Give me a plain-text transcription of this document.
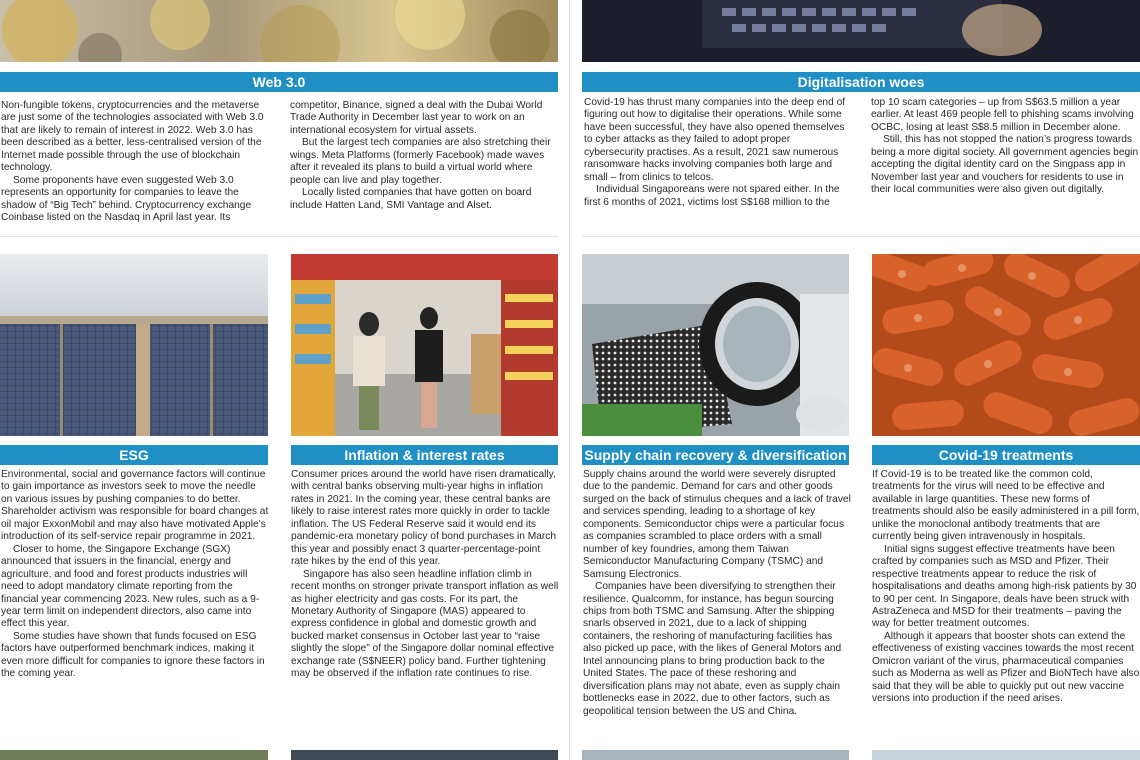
Web 3.0	Digitalisation woes

Non-fungible tokens, cryptocurrencies and the metaverse are just some of the technologies associated with Web 3.0 that are likely to remain of interest in 2022. Web 3.0 has been described as a better, less-centralised version of the Internet made possible through the use of blockchain technology.

Some proponents have even suggested Web 3.0 represents an opportunity for companies to leave the shadow of “Big Tech” behind. Cryptocurrency exchange Coinbase listed on the Nasdaq in April last year. Its

competitor, Binance, signed a deal with the Dubai World Trade Authority in December last year to work on an international ecosystem for virtual assets.

But the largest tech companies are also stretching their wings. Meta Platforms (formerly Facebook) made waves after it revealed its plans to build a virtual world where people can live and play together.

Locally listed companies that have gotten on board include Hatten Land, SMI Vantage and Alset.

Covid-19 has thrust many companies into the deep end of figuring out how to digitalise their operations. While some have been successful, they have also opened themselves to cyber attacks as they failed to adopt proper cybersecurity practises. As a result, 2021 saw numerous ransomware hacks involving companies both large and small – from clinics to telcos.

Individual Singaporeans were not spared either. In the first 6 months of 2021, victims lost S$168 million to the

top 10 scam categories – up from S$63.5 million a year earlier. At least 469 people fell to phishing scams involving OCBC, losing at least S$8.5 million in December alone.

Still, this has not stopped the nation’s progress towards being a more digital society. All government agencies begin accepting the digital identity card on the Singpass app in November last year and vouchers for residents to use in their local communities were also given out digitally.

ESG	Inflation & interest rates	Supply chain recovery & diversification	Covid-19 treatments

Environmental, social and governance factors will continue to gain importance as investors seek to move the needle on various issues by pushing companies to do better. Shareholder activism was responsible for board changes at oil major ExxonMobil and may also have motivated Apple’s introduction of its self-service repair programme in 2021.

Closer to home, the Singapore Exchange (SGX) announced that issuers in the financial, energy and agriculture, and food and forest products industries will need to adopt mandatory climate reporting from the financial year commencing 2023. New rules, such as a 9-year term limit on independent directors, also came into effect this year.

Some studies have shown that funds focused on ESG factors have outperformed benchmark indices, making it even more difficult for companies to ignore these factors in the coming year.

Consumer prices around the world have risen dramatically, with central banks observing multi-year highs in inflation rates in 2021. In the coming year, these central banks are likely to raise interest rates more quickly in order to tackle inflation. The US Federal Reserve said it would end its pandemic-era monetary policy of bond purchases in March this year and possibly enact 3 quarter-percentage-point rate hikes by the end of this year.

Singapore has also seen headline inflation climb in recent months on stronger private transport inflation as well as higher electricity and gas costs. For its part, the Monetary Authority of Singapore (MAS) appeared to express confidence in global and domestic growth and bucked market consensus in October last year to “raise slightly the slope” of the Singapore dollar nominal effective exchange rate (S$NEER) policy band. Further tightening may be observed if the inflation rate continues to rise.

Supply chains around the world were severely disrupted due to the pandemic. Demand for cars and other goods surged on the back of stimulus cheques and a lack of travel and services spending, leading to a shortage of key components. Semiconductor chips were a particular focus as companies scrambled to place orders with a small number of key foundries, among them Taiwan Semiconductor Manufacturing Company (TSMC) and Samsung Electronics.

Companies have been diversifying to strengthen their resilience. Qualcomm, for instance, has begun sourcing chips from both TSMC and Samsung. After the shipping snarls observed in 2021, due to a lack of shipping containers, the reshoring of manufacturing facilities has also picked up pace, with the likes of General Motors and Intel announcing plans to bring production back to the United States. The pace of these reshoring and diversification plans may not abate, even as supply chain bottlenecks ease in 2022, due to other factors, such as geopolitical tension between the US and China.

If Covid-19 is to be treated like the common cold, treatments for the virus will need to be effective and available in large quantities. These new forms of treatments should also be easily administered in a pill form, unlike the monoclonal antibody treatments that are currently being given intravenously in hospitals.

Initial signs suggest effective treatments have been crafted by companies such as MSD and Pfizer. Their respective treatments appear to reduce the risk of hospitalisations and deaths among high-risk patients by 30 to 90 per cent. In Singapore, deals have been struck with AstraZeneca and MSD for their treatments – paving the way for better treatment outcomes.

Although it appears that booster shots can extend the effectiveness of existing vaccines towards the most recent Omicron variant of the virus, pharmaceutical companies such as Moderna as well as Pfizer and BioNTech have also said that they will be able to quickly put out new vaccine versions into production if the need arises.
